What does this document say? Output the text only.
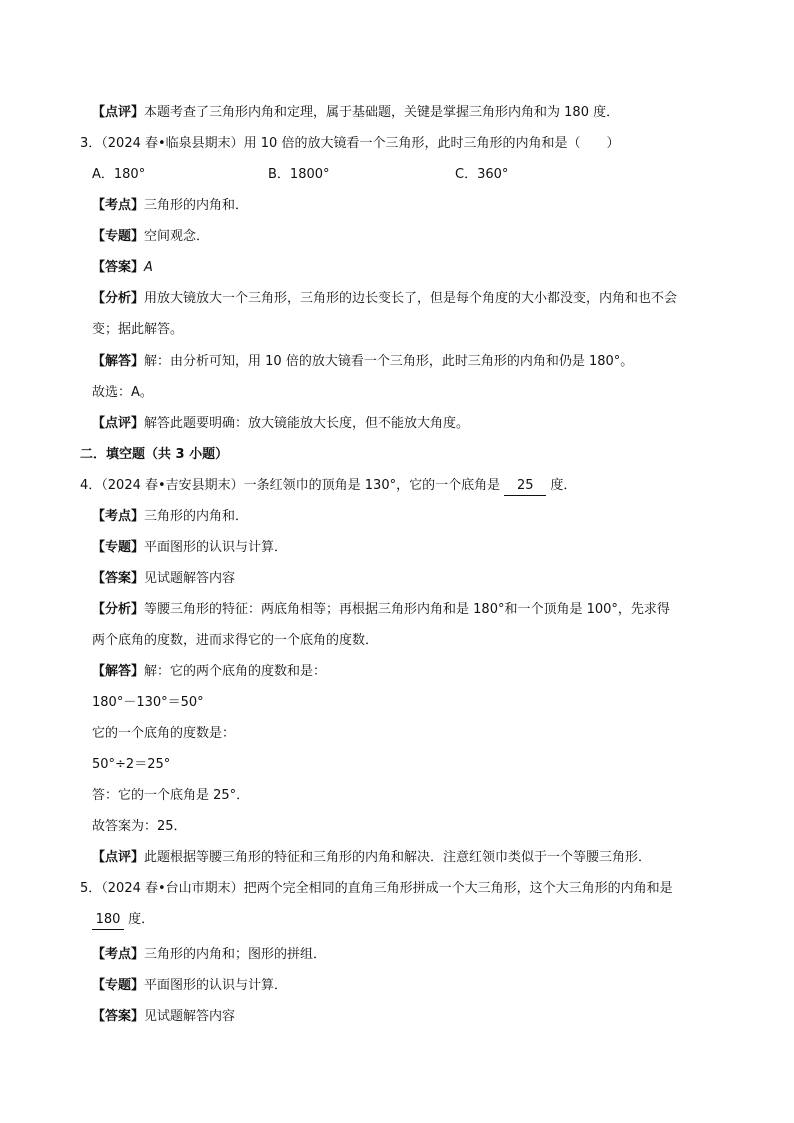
【点评】本题考查了三角形内角和定理，属于基础题，关键是掌握三角形内角和为 180 度．
3．（2024 春•临泉县期末）用 10 倍的放大镜看一个三角形，此时三角形的内角和是（　　）
A．180°	B．1800°	C．360°
【考点】三角形的内角和．
【专题】空间观念．
【答案】A
【分析】用放大镜放大一个三角形，三角形的边长变长了，但是每个角度的大小都没变，内角和也不会
变；据此解答。
【解答】解：由分析可知，用 10 倍的放大镜看一个三角形，此时三角形的内角和仍是 180°。
故选：A。
【点评】解答此题要明确：放大镜能放大长度，但不能放大角度。
二．填空题（共 3 小题）
4．（2024 春•吉安县期末）一条红领巾的顶角是 130°，它的一个底角是 25 度．
【考点】三角形的内角和．
【专题】平面图形的认识与计算．
【答案】见试题解答内容
【分析】等腰三角形的特征：两底角相等；再根据三角形内角和是 180°和一个顶角是 100°，先求得
两个底角的度数，进而求得它的一个底角的度数．
【解答】解：它的两个底角的度数和是：
180°－130°＝50°
它的一个底角的度数是：
50°÷2＝25°
答：它的一个底角是 25°．
故答案为：25．
【点评】此题根据等腰三角形的特征和三角形的内角和解决．注意红领巾类似于一个等腰三角形．
5．（2024 春•台山市期末）把两个完全相同的直角三角形拼成一个大三角形，这个大三角形的内角和是
180 度．
【考点】三角形的内角和；图形的拼组．
【专题】平面图形的认识与计算．
【答案】见试题解答内容
